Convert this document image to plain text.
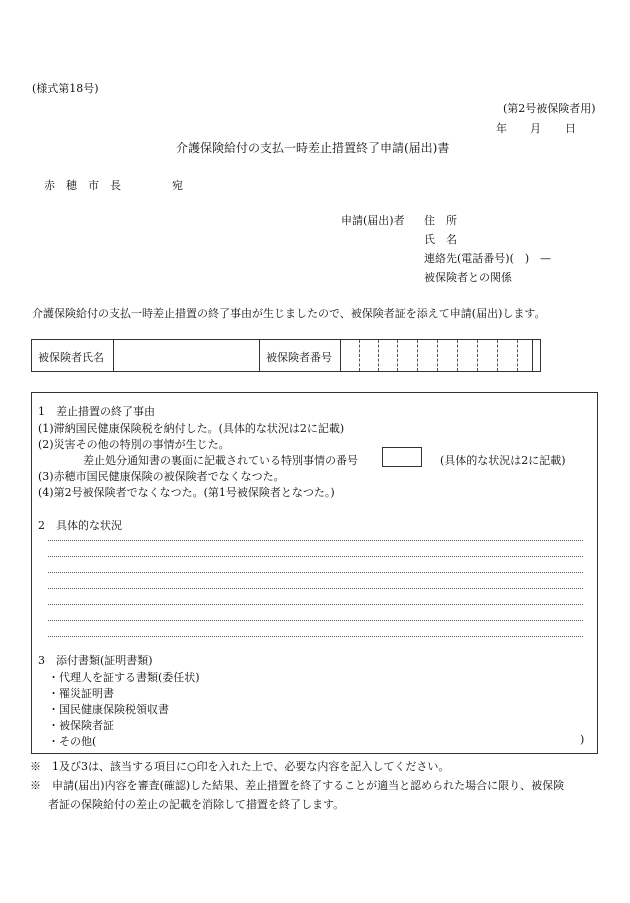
(様式第18号)
(第2号被保険者用)
年 月 日
介護保険給付の支払一時差止措置終了申請(届出)書
赤　穂　市　長	宛
申請(届出)者 住　所
氏　名
連絡先(電話番号)(　)　—
被保険者との関係
介護保険給付の支払一時差止措置の終了事由が生じましたので、被保険者証を添えて申請(届出)します。
被保険者氏名	被保険者番号
1　差止措置の終了事由
(1)滞納国民健康保険税を納付した。(具体的な状況は2に記載)
(2)災害その他の特別の事情が生じた。
差止処分通知書の裏面に記載されている特別事情の番号	(具体的な状況は2に記載)
(3)赤穂市国民健康保険の被保険者でなくなつた。
(4)第2号被保険者でなくなつた。(第1号被保険者となつた。)
2　具体的な状況
3　添付書類(証明書類)
・代理人を証する書類(委任状)
・罹災証明書
・国民健康保険税領収書
・被保険者証
・その他(	)
※　1及び3は、該当する項目に○印を入れた上で、必要な内容を記入してください。
※　申請(届出)内容を審査(確認)した結果、差止措置を終了することが適当と認められた場合に限り、被保険
者証の保険給付の差止の記載を消除して措置を終了します。
